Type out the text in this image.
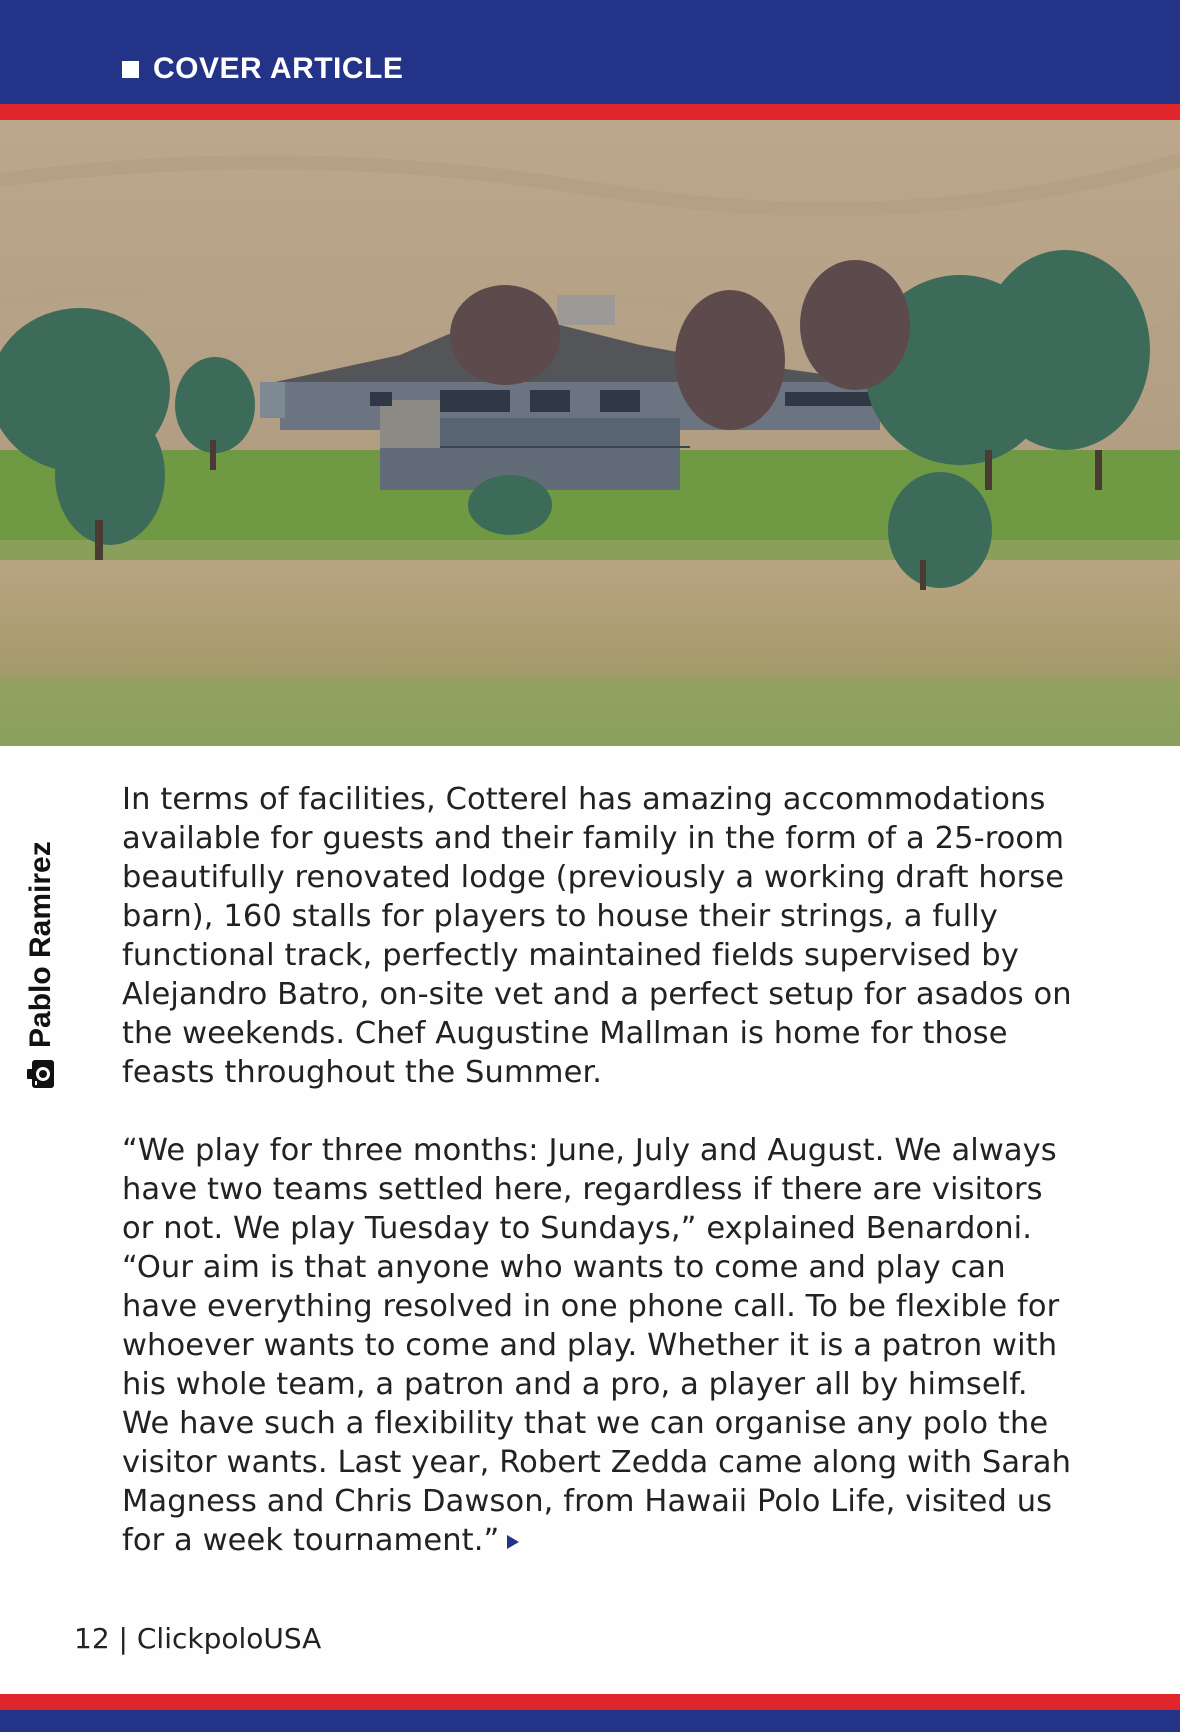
COVER ARTICLE
Pablo Ramirez

In terms of facilities, Cotterel has amazing accommodations available for guests and their family in the form of a 25-room beautifully renovated lodge (previously a working draft horse barn), 160 stalls for players to house their strings, a fully functional track, perfectly maintained fields supervised by Alejandro Batro, on-site vet and a perfect setup for asados on the weekends. Chef Augustine Mallman is home for those feasts throughout the Summer.

“We play for three months: June, July and August. We always have two teams settled here, regardless if there are visitors or not. We play Tuesday to Sundays,” explained Benardoni. “Our aim is that anyone who wants to come and play can have everything resolved in one phone call. To be flexible for whoever wants to come and play. Whether it is a patron with his whole team, a patron and a pro, a player all by himself. We have such a flexibility that we can organise any polo the visitor wants. Last year, Robert Zedda came along with Sarah Magness and Chris Dawson, from Hawaii Polo Life, visited us for a week tournament.”

12 | ClickpoloUSA
